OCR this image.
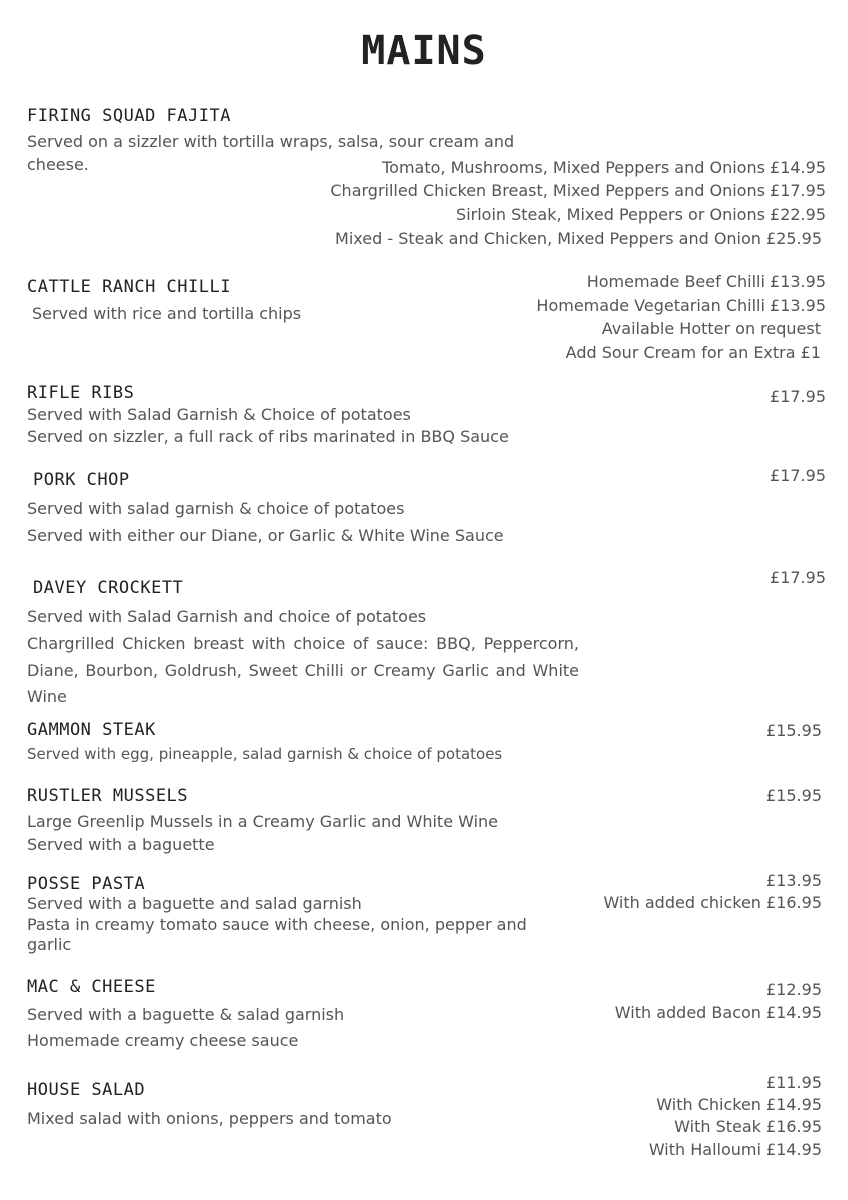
MAINS
FIRING SQUAD FAJITA
Served on a sizzler with tortilla wraps, salsa, sour cream and cheese.	Tomato, Mushrooms, Mixed Peppers and Onions £14.95
Chargrilled Chicken Breast, Mixed Peppers and Onions £17.95
Sirloin Steak, Mixed Peppers or Onions £22.95
Mixed - Steak and Chicken, Mixed Peppers and Onion £25.95
CATTLE RANCH CHILLI
Served with rice and tortilla chips
Homemade Beef Chilli £13.95
Homemade Vegetarian Chilli £13.95
Available Hotter on request
Add Sour Cream for an Extra £1
RIFLE RIBS
Served with Salad Garnish & Choice of potatoes
Served on sizzler, a full rack of ribs marinated in BBQ Sauce
£17.95
PORK CHOP
Served with salad garnish & choice of potatoes
Served with either our Diane, or Garlic & White Wine Sauce
£17.95
DAVEY CROCKETT
Served with Salad Garnish and choice of potatoes
Chargrilled Chicken breast with choice of sauce: BBQ, Peppercorn, Diane, Bourbon, Goldrush, Sweet Chilli or Creamy Garlic and White Wine
£17.95
GAMMON STEAK
Served with egg, pineapple, salad garnish & choice of potatoes
£15.95
RUSTLER MUSSELS
Large Greenlip Mussels in a Creamy Garlic and White Wine
Served with a baguette
£15.95
POSSE PASTA
Served with a baguette and salad garnish
Pasta in creamy tomato sauce with cheese, onion, pepper and garlic
£13.95
With added chicken £16.95
MAC & CHEESE
Served with a baguette & salad garnish
Homemade creamy cheese sauce
£12.95
With added Bacon £14.95
HOUSE SALAD
Mixed salad with onions, peppers and tomato
£11.95
With Chicken £14.95
With Steak £16.95
With Halloumi £14.95
